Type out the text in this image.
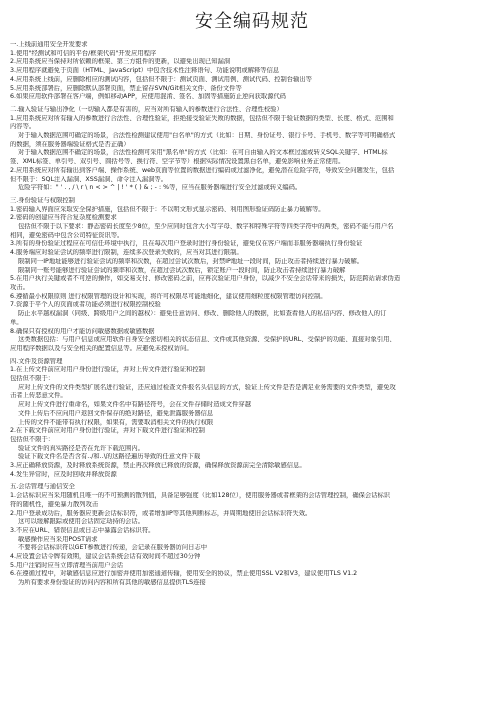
安全编码规范
一.上线前通用安全开发要求
1.使用"经测试和可信的平台/框架代码"开发应用程序
2.应用系统应当保持对所依赖的框架、第三方组件的更新，以避免出现已知漏洞
3.应用程序就避免于页面（HTML、JavaScript）中包含技术性注释语句、功能说明或解释等信息
4.应用系统上线前，应删除相应的测试内容，包括但不限于：测试页面、测试用例、测试代码、控制台输出等
5.应用系统部署后，应删除默认部署页面，禁止留存SVN/Git相关文件、备份文件等
6.如果应用软件部署在客户端，例如移动APP，应使用混淆、签名、加固等措施防止逆向获取源代码
二.输入验证与输出净化（一切输入都是有害的，应当对所有输入的参数进行合法性、合理性校验）
1.应用系统应对所有输入的参数进行合法性、合理性验证，拒绝接受验证失败的数据，包括但不限于验证数据的类型、长度、格式、范围和
内容等。
对于输入数据范围可确定的场景，合法性检测建议使用"白名单"的方式（比如：日期、身份证号、银行卡号、手机号、数字等可明确格式
的数据，须在服务器端验证格式是否正确）
对于输入数据范围不确定的场景，合法性检测可采用"黑名单"的方式（比如：在可自由输入的文本框过滤或转义SQL关键字、HTML标
签、XML标签、单引号、双引号、圆括号等、换行符、空字节等）根据实际情况设置黑白名单，避免影响业务正常使用。
2.应用系统应对所有输出到客户端、操作系统、web页面等位置的数据进行编码或过滤净化，避免潜在危险字符，导致安全问题发生，包括
但不限于：SQL注入漏洞、XSS漏洞、命令注入漏洞等。
危险字符如：" ' . , / \ r \ n < > ^ | ! ' * ( ) & ; - : %等，应当在服务器端进行安全过滤或转义编码。
三.身份验证与权限控制
1.密码输入界面应采取安全保护措施，包括但不限于：不以明文形式显示密码、利用图形验证码防止暴力破解等。
2.密码的创建应当符合复杂度检测要求
包括但不限于以下要求：静态密码长度至少8位，至少应同时包含大小写字母、数字和特殊字符等四类字符中的两类，密码不能与用户名
相同，避免密码中包含公司特征资讯等。
3.所有的身份验证过程应在可信任环境中执行，且在每次用户登录时进行身份验证，避免仅在客户端而非服务器端执行身份验证
4.服务端应对验证尝试的频率进行限制，连续多次登录失败的，应当对其进行限制。
限制同一IP地址能够进行验证尝试的频率和次数，在超过尝试次数后，封禁IP地址一段时间，防止攻击者持续进行暴力破解。
限制同一账号能够进行验证尝试的频率和次数，在超过尝试次数后，锁定账户一段时间，防止攻击者持续进行暴力破解
5.在用户执行关键或者不可逆的操作，如交易支付、修改密码之前，应再次验证用户身份，以减少不安全会话带来的损失，防范跨站请求伪造
攻击。
6.遵循最小权限原则 进行权限管理的设计和实现，将许可权限尽可能地细化，建议使用细粒度权限管理访问控制。
7.资源于平个人的页面或者功能必须进行权限控制校验
防止水平越权漏洞（同级、跨级用户之间的越权）：避免任意访问、修改、删除他人的数据，比如查看他人的私信内容、修改他人的订
单。
8.确保只有授权的用户才能访问敏感数据或敏感数据
这类数据包括：与用户信息或应用软件自身安全密切相关的状态信息、文件或其他资源、受保护的URL、受保护的功能、直接对象引用、
应用程序数据以及与安全相关的配置信息等。应避免未授权访问。
四.文件及资源管理
1.在上传文件前应对用户身份进行验证，并对上传文件进行验证和控制
包括但不限于：
应对上传文件的文件类型扩展名进行验证，还应通过检查文件报名头信息的方式，验证上传文件是否是满足业务需要的文件类型，避免攻
击者上传恶意文件。
应对上传文件进行重命名，如果文件名中有路径符号，会在文件存储时造成文件穿越
文件上传后不应向用户返回文件保存的绝对路径，避免泄露服务器信息
上传的文件不能带有执行权限，如果有，需要取消相关文件的执行权限
2.在下载文件前应对用户身份进行验证，并对下载文件进行验证和控制
包括但不限于：
验证文件的真实路径是否在允许下载范围内。
验证下载文件名是否含有../和..\的这路径遍历导致的任意文件下载
3.应正确释放资源，及时释放系统资源，禁止再次释放已释放的资源，确保释放资源前完全清除敏感信息。
4.发生异常时，应及时回收并释放资源
五.会话管理与通信安全
1.会话标识应当采用随机且唯一的不可预测的散列值，具备足够强度（比如128位），使用服务器或者框架的会话管理控制，确保会话标识
符的随机性，避免暴力散列攻击
2.用户登录成功后，服务器应更新会话标识符，或者增加IP等其他判断标志，并周期地使旧会话标识符失效。
这可以缓解跟踪或使用会话固定劫持的会话。
3.不应在URL、错误信息或日志中暴露会话标识符。
敏感操作应当采用POST请求
不要将会话标识符以GET参数进行传递，会记录在服务器访问日志中
4.应设置会话令牌有效期，建议会话系统会话有效时间不超过30分钟
5.用户注销时应当立即清理当前用户会话
6.在遵循过程中，对敏感信息应进行加密并使用加密通道传输，使用安全的协议，禁止使用SSL V2和V3，建议使用TLS V1.2
为所有要求身份验证的访问内容和所有其他的敏感信息提供TLS连接
